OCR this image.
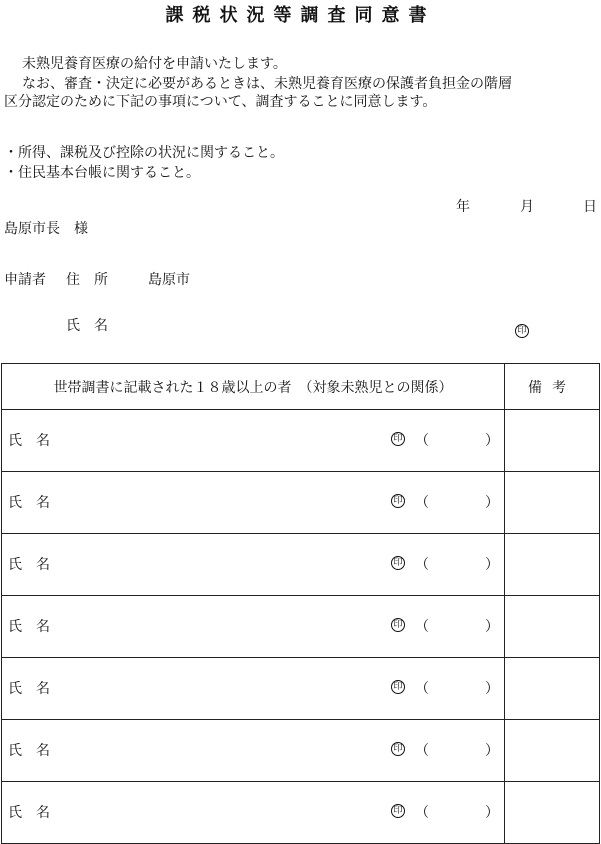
課税状況等調査同意書
未熟児養育医療の給付を申請いたします。
なお、審査・決定に必要があるときは、未熟児養育医療の保護者負担金の階層
区分認定のために下記の事項について、調査することに同意します。
・所得、課税及び控除の状況に関すること。
・住民基本台帳に関すること。
年	月	日
島原市長　様
申請者 住　所	島原市
氏　名	印
世帯調書に記載された１８歳以上の者　（対象未熟児との関係）	備考

氏　名 印 （ ）	

氏　名 印 （ ）	

氏　名 印 （ ）	

氏　名 印 （ ）	

氏　名 印 （ ）	

氏　名 印 （ ）	

氏　名 印 （ ）	
